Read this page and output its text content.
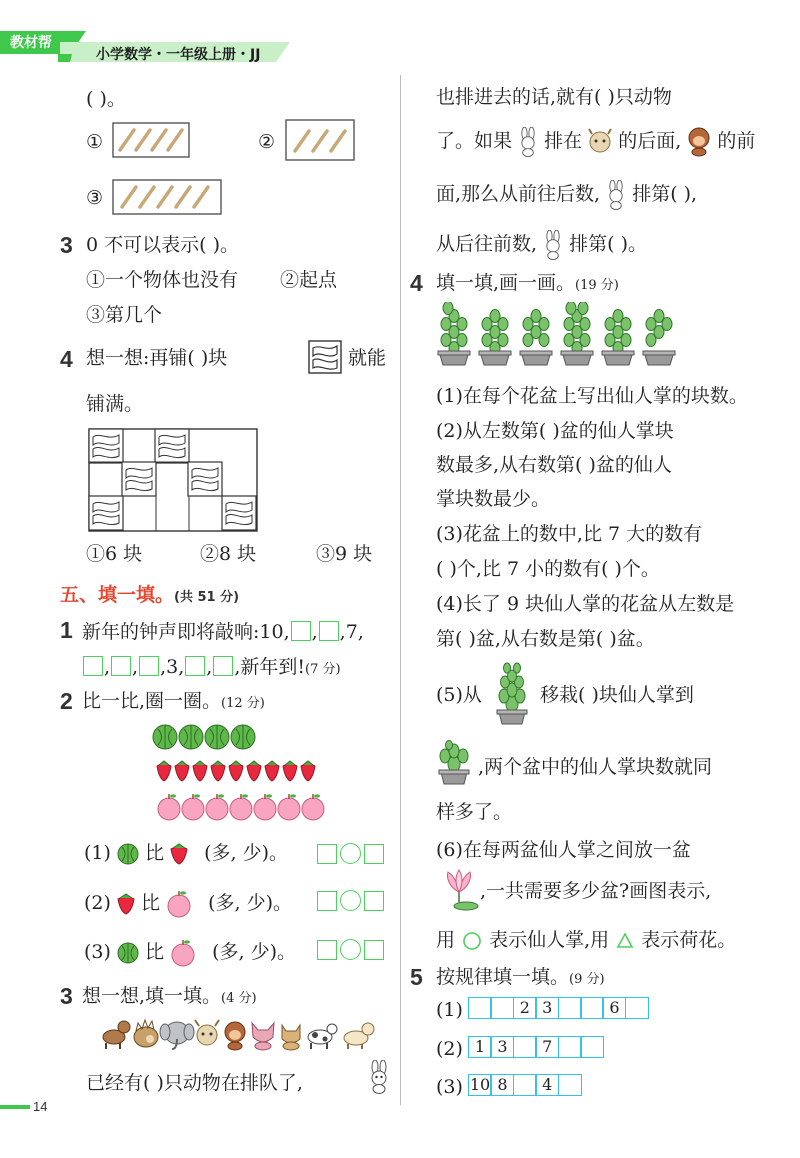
教材帮
小学数学・一年级上册・JJ
( )。
①	②
③
3 0 不可以表示( )。
①一个物体也没有 ②起点
③第几个
4 想一想:再铺( )块	就能
铺满。
①6 块	②8 块	③9 块
五、填一填。(共 51 分)
1 新年的钟声即将敲响:10, , ,7,
, , ,3, , ,新年到!(7 分)
2 比一比,圈一圈。(12 分)
(1) 比 (多, 少)。
(2) 比	(多, 少)。
(3) 比	(多, 少)。
3 想一想,填一填。(4 分)
已经有( )只动物在排队了,
14
也排进去的话,就有( )只动物
了。如果 排在 的后面, 的前
面,那么从前往后数, 排第( ),
从后往前数, 排第( )。
4 填一填,画一画。(19 分)
(1)在每个花盆上写出仙人掌的块数。
(2)从左数第( )盆的仙人掌块
数最多,从右数第( )盆的仙人
掌块数最少。
(3)花盆上的数中,比 7 大的数有
( )个,比 7 小的数有( )个。
(4)长了 9 块仙人掌的花盆从左数是
第( )盆,从右数是第( )盆。
(5)从	移栽( )块仙人掌到
,两个盆中的仙人掌块数就同
样多了。
(6)在每两盆仙人掌之间放一盆
,一共需要多少盆?画图表示,
用 表示仙人掌,用 表示荷花。
5 按规律填一填。(9 分)
(1)	2 3	6
(2) 1 3 7
(3) 10 8 4
